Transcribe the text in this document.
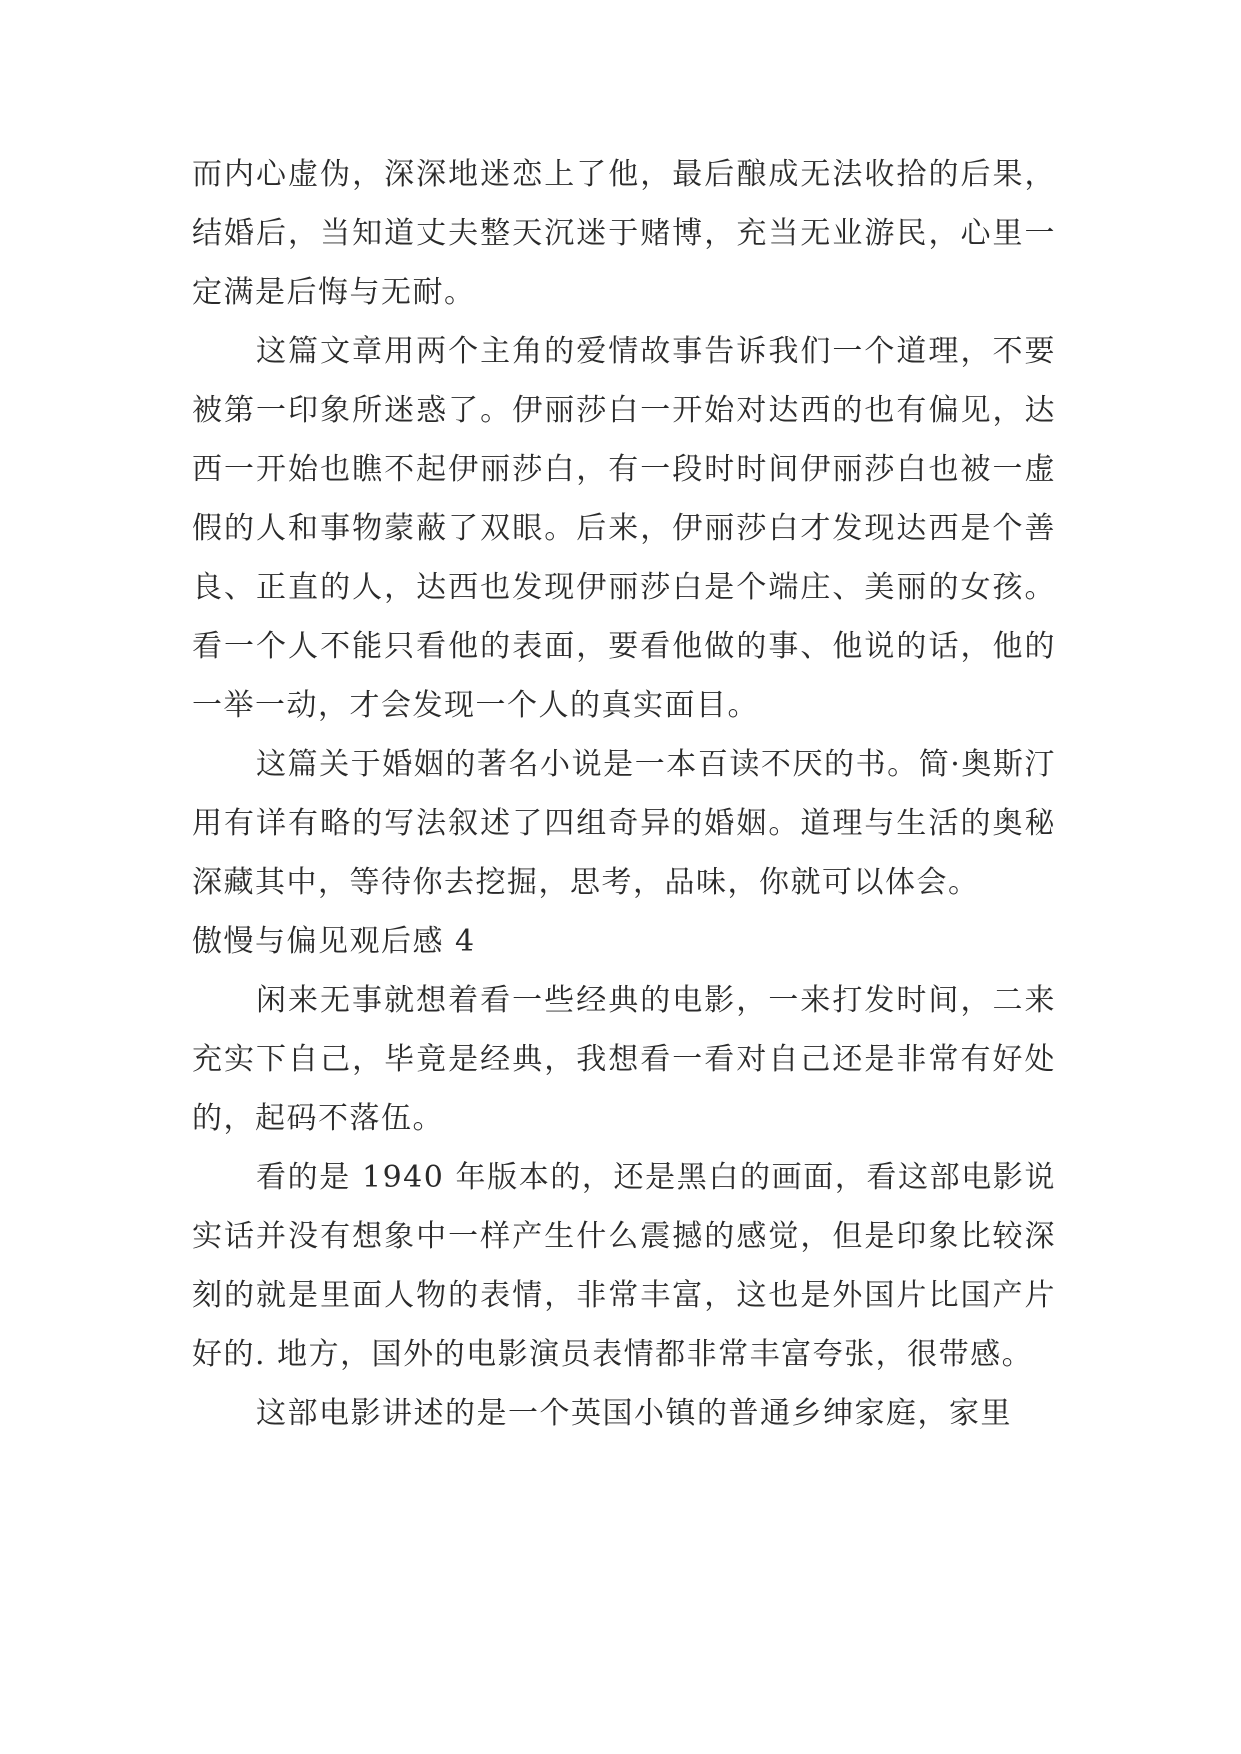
而内心虚伪，深深地迷恋上了他，最后酿成无法收拾的后果，结婚后，当知道丈夫整天沉迷于赌博，充当无业游民，心里一定满是后悔与无耐。

这篇文章用两个主角的爱情故事告诉我们一个道理，不要被第一印象所迷惑了。伊丽莎白一开始对达西的也有偏见，达西一开始也瞧不起伊丽莎白，有一段时时间伊丽莎白也被一虚假的人和事物蒙蔽了双眼。后来，伊丽莎白才发现达西是个善良、正直的人，达西也发现伊丽莎白是个端庄、美丽的女孩。看一个人不能只看他的表面，要看他做的事、他说的话，他的一举一动，才会发现一个人的真实面目。

这篇关于婚姻的著名小说是一本百读不厌的书。简·奥斯汀用有详有略的写法叙述了四组奇异的婚姻。道理与生活的奥秘深藏其中，等待你去挖掘，思考，品味，你就可以体会。

傲慢与偏见观后感 4

闲来无事就想着看一些经典的电影，一来打发时间，二来充实下自己，毕竟是经典，我想看一看对自己还是非常有好处的，起码不落伍。

看的是 1940 年版本的，还是黑白的画面，看这部电影说实话并没有想象中一样产生什么震撼的感觉，但是印象比较深刻的就是里面人物的表情，非常丰富，这也是外国片比国产片好的. 地方，国外的电影演员表情都非常丰富夸张，很带感。

这部电影讲述的是一个英国小镇的普通乡绅家庭，家里
